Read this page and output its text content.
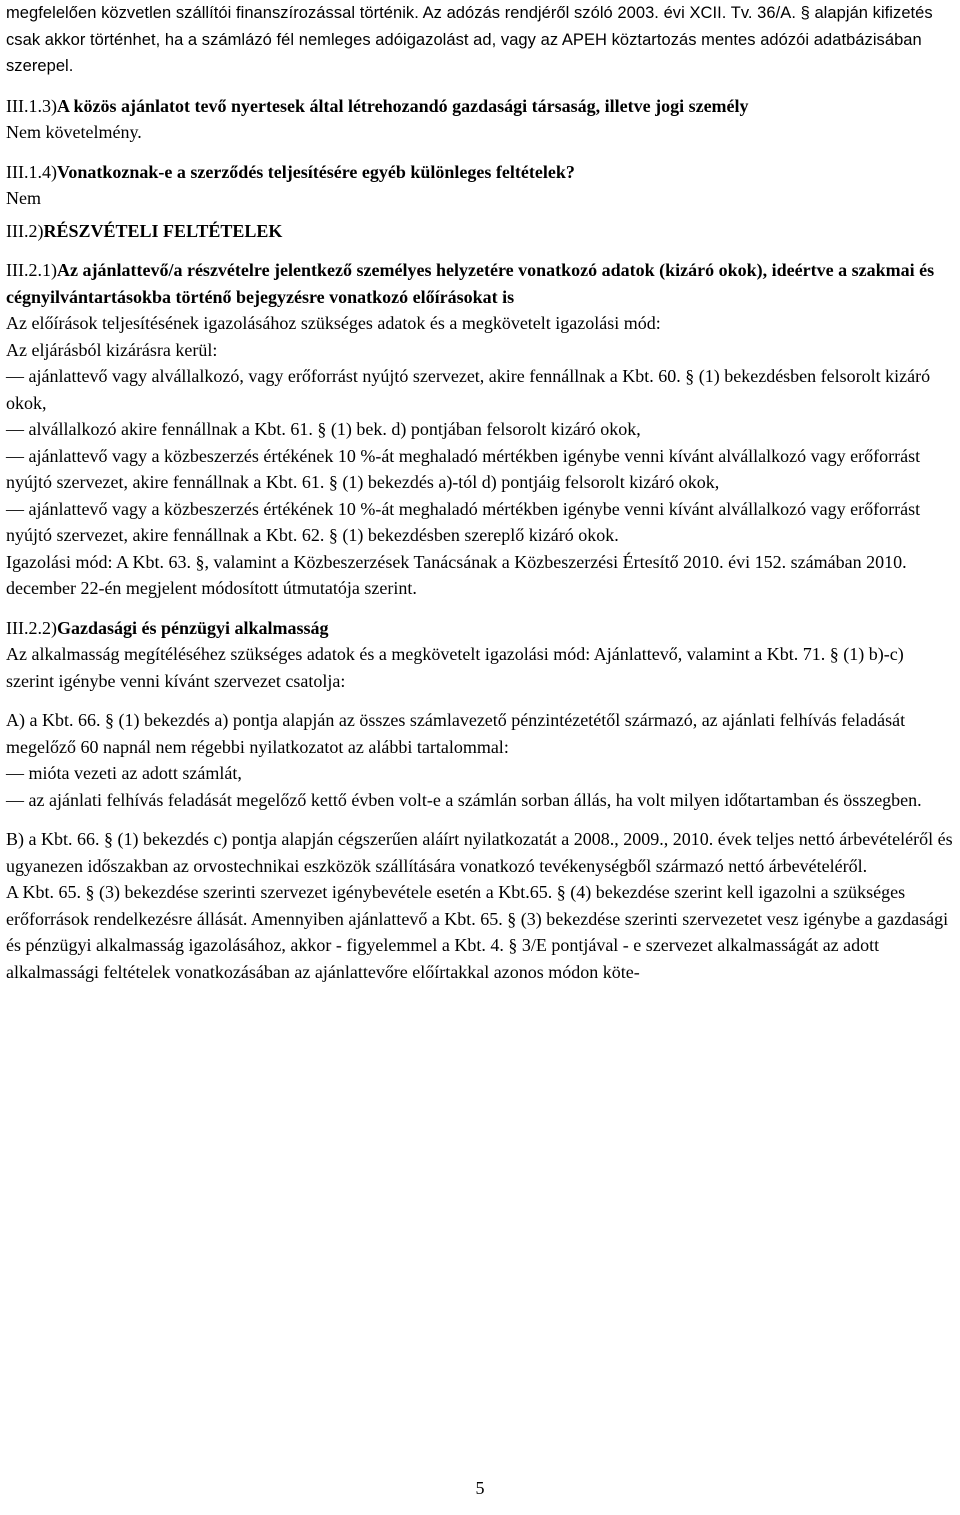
megfelelően közvetlen szállítói finanszírozással történik. Az adózás rendjéről szóló 2003. évi XCII. Tv. 36/A. § alapján kifizetés csak akkor történhet, ha a számlázó fél nemleges adóigazolást ad, vagy az APEH köztartozás mentes adózói adatbázisában szerepel.

III.1.3)A közös ajánlatot tevő nyertesek által létrehozandó gazdasági társaság, illetve jogi személy

Nem követelmény.

III.1.4)Vonatkoznak-e a szerződés teljesítésére egyéb különleges feltételek?

Nem

III.2)RÉSZVÉTELI FELTÉTELEK

III.2.1)Az ajánlattevő/a részvételre jelentkező személyes helyzetére vonatkozó adatok (kizáró okok), ideértve a szakmai és cégnyilvántartásokba történő bejegyzésre vonatkozó előírásokat is

Az előírások teljesítésének igazolásához szükséges adatok és a megkövetelt igazolási mód:

Az eljárásból kizárásra kerül:

— ajánlattevő vagy alvállalkozó, vagy erőforrást nyújtó szervezet, akire fennállnak a Kbt. 60. § (1) bekezdésben felsorolt kizáró okok,

— alvállalkozó akire fennállnak a Kbt. 61. § (1) bek. d) pontjában felsorolt kizáró okok,

— ajánlattevő vagy a közbeszerzés értékének 10 %-át meghaladó mértékben igénybe venni kívánt alvállalkozó vagy erőforrást nyújtó szervezet, akire fennállnak a Kbt. 61. § (1) bekezdés a)-tól d) pontjáig felsorolt kizáró okok,

— ajánlattevő vagy a közbeszerzés értékének 10 %-át meghaladó mértékben igénybe venni kívánt alvállalkozó vagy erőforrást nyújtó szervezet, akire fennállnak a Kbt. 62. § (1) bekezdésben szereplő kizáró okok.

Igazolási mód: A Kbt. 63. §, valamint a Közbeszerzések Tanácsának a Közbeszerzési Értesítő 2010. évi 152. számában 2010. december 22-én megjelent módosított útmutatója szerint.

III.2.2)Gazdasági és pénzügyi alkalmasság

Az alkalmasság megítéléséhez szükséges adatok és a megkövetelt igazolási mód: Ajánlattevő, valamint a Kbt. 71. § (1) b)-c) szerint igénybe venni kívánt szervezet csatolja:

A) a Kbt. 66. § (1) bekezdés a) pontja alapján az összes számlavezető pénzintézetétől származó, az ajánlati felhívás feladását megelőző 60 napnál nem régebbi nyilatkozatot az alábbi tartalommal:

— mióta vezeti az adott számlát,

— az ajánlati felhívás feladását megelőző kettő évben volt-e a számlán sorban állás, ha volt milyen időtartamban és összegben.

B) a Kbt. 66. § (1) bekezdés c) pontja alapján cégszerűen aláírt nyilatkozatát a 2008., 2009., 2010. évek teljes nettó árbevételéről és ugyanezen időszakban az orvostechnikai eszközök szállítására vonatkozó tevékenységből származó nettó árbevételéről.

A Kbt. 65. § (3) bekezdése szerinti szervezet igénybevétele esetén a Kbt.65. § (4) bekezdése szerint kell igazolni a szükséges erőforrások rendelkezésre állását. Amennyiben ajánlattevő a Kbt. 65. § (3) bekezdése szerinti szervezetet vesz igénybe a gazdasági és pénzügyi alkalmasság igazolásához, akkor - figyelemmel a Kbt. 4. § 3/E pontjával - e szervezet alkalmasságát az adott alkalmassági feltételek vonatkozásában az ajánlattevőre előírtakkal azonos módon köte-

5
